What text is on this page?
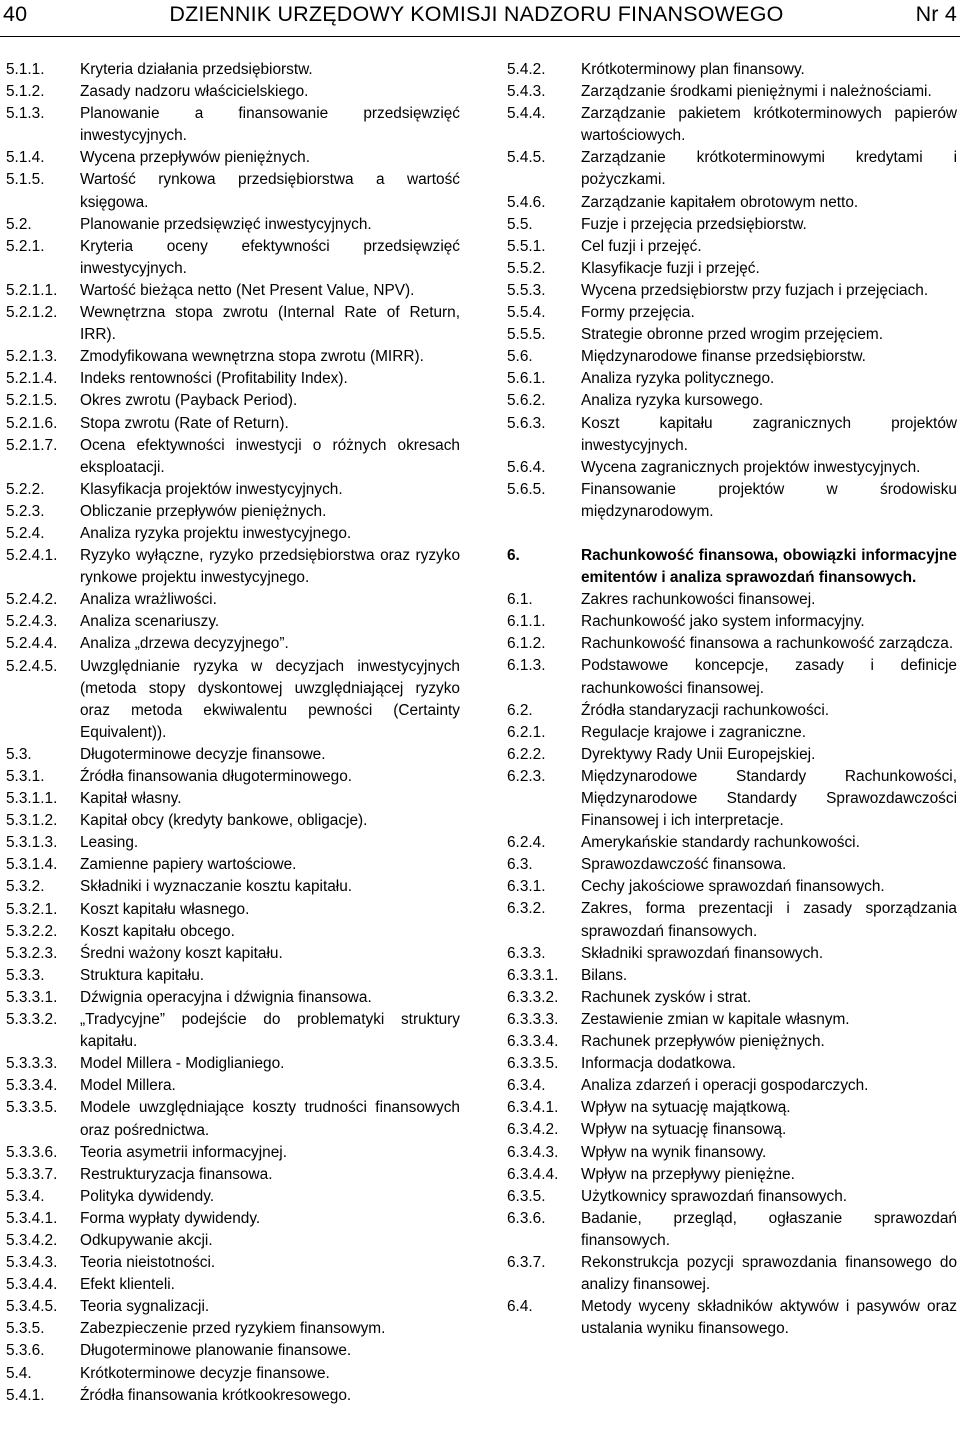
40	DZIENNIK URZĘDOWY KOMISJI NADZORU FINANSOWEGO	Nr 4
5.1.1.	Kryteria działania przedsiębiorstw.
5.1.2.	Zasady nadzoru właścicielskiego.
5.1.3.	Planowanie a finansowanie przedsięwzięć inwestycyjnych.
5.1.4.	Wycena przepływów pieniężnych.
5.1.5.	Wartość rynkowa przedsiębiorstwa a wartość księgowa.
5.2.	Planowanie przedsięwzięć inwestycyjnych.
5.2.1.	Kryteria oceny efektywności przedsięwzięć inwestycyjnych.
5.2.1.1.	Wartość bieżąca netto (Net Present Value, NPV).
5.2.1.2.	Wewnętrzna stopa zwrotu (Internal Rate of Return, IRR).
5.2.1.3.	Zmodyfikowana wewnętrzna stopa zwrotu (MIRR).
5.2.1.4.	Indeks rentowności (Profitability Index).
5.2.1.5.	Okres zwrotu (Payback Period).
5.2.1.6.	Stopa zwrotu (Rate of Return).
5.2.1.7.	Ocena efektywności inwestycji o różnych okresach eksploatacji.
5.2.2.	Klasyfikacja projektów inwestycyjnych.
5.2.3.	Obliczanie przepływów pieniężnych.
5.2.4.	Analiza ryzyka projektu inwestycyjnego.
5.2.4.1.	Ryzyko wyłączne, ryzyko przedsiębiorstwa oraz ryzyko rynkowe projektu inwestycyjnego.
5.2.4.2.	Analiza wrażliwości.
5.2.4.3.	Analiza scenariuszy.
5.2.4.4.	Analiza „drzewa decyzyjnego”.
5.2.4.5.	Uwzględnianie ryzyka w decyzjach inwestycyjnych (metoda stopy dyskontowej uwzględniającej ryzyko oraz metoda ekwiwalentu pewności (Certainty Equivalent)).
5.3.	Długoterminowe decyzje finansowe.
5.3.1.	Źródła finansowania długoterminowego.
5.3.1.1.	Kapitał własny.
5.3.1.2.	Kapitał obcy (kredyty bankowe, obligacje).
5.3.1.3.	Leasing.
5.3.1.4.	Zamienne papiery wartościowe.
5.3.2.	Składniki i wyznaczanie kosztu kapitału.
5.3.2.1.	Koszt kapitału własnego.
5.3.2.2.	Koszt kapitału obcego.
5.3.2.3.	Średni ważony koszt kapitału.
5.3.3.	Struktura kapitału.
5.3.3.1.	Dźwignia operacyjna i dźwignia finansowa.
5.3.3.2.	„Tradycyjne” podejście do problematyki struktury kapitału.
5.3.3.3.	Model Millera - Modiglianiego.
5.3.3.4.	Model Millera.
5.3.3.5.	Modele uwzględniające koszty trudności finansowych oraz pośrednictwa.
5.3.3.6.	Teoria asymetrii informacyjnej.
5.3.3.7.	Restrukturyzacja finansowa.
5.3.4.	Polityka dywidendy.
5.3.4.1.	Forma wypłaty dywidendy.
5.3.4.2.	Odkupywanie akcji.
5.3.4.3.	Teoria nieistotności.
5.3.4.4.	Efekt klienteli.
5.3.4.5.	Teoria sygnalizacji.
5.3.5.	Zabezpieczenie przed ryzykiem finansowym.
5.3.6.	Długoterminowe planowanie finansowe.
5.4.	Krótkoterminowe decyzje finansowe.
5.4.1.	Źródła finansowania krótkookresowego.
5.4.2.	Krótkoterminowy plan finansowy.
5.4.3.	Zarządzanie środkami pieniężnymi i należnościami.
5.4.4.	Zarządzanie pakietem krótkoterminowych papierów wartościowych.
5.4.5.	Zarządzanie krótkoterminowymi kredytami i pożyczkami.
5.4.6.	Zarządzanie kapitałem obrotowym netto.
5.5.	Fuzje i przejęcia przedsiębiorstw.
5.5.1.	Cel fuzji i przejęć.
5.5.2.	Klasyfikacje fuzji i przejęć.
5.5.3.	Wycena przedsiębiorstw przy fuzjach i przejęciach.
5.5.4.	Formy przejęcia.
5.5.5.	Strategie obronne przed wrogim przejęciem.
5.6.	Międzynarodowe finanse przedsiębiorstw.
5.6.1.	Analiza ryzyka politycznego.
5.6.2.	Analiza ryzyka kursowego.
5.6.3.	Koszt kapitału zagranicznych projektów inwestycyjnych.
5.6.4.	Wycena zagranicznych projektów inwestycyjnych.
5.6.5.	Finansowanie projektów w środowisku międzynarodowym.
6.	Rachunkowość finansowa, obowiązki informacyjne emitentów i analiza sprawozdań finansowych.
6.1.	Zakres rachunkowości finansowej.
6.1.1.	Rachunkowość jako system informacyjny.
6.1.2.	Rachunkowość finansowa a rachunkowość zarządcza.
6.1.3.	Podstawowe koncepcje, zasady i definicje rachunkowości finansowej.
6.2.	Źródła standaryzacji rachunkowości.
6.2.1.	Regulacje krajowe i zagraniczne.
6.2.2.	Dyrektywy Rady Unii Europejskiej.
6.2.3.	Międzynarodowe Standardy Rachunkowości, Międzynarodowe Standardy Sprawozdawczości Finansowej i ich interpretacje.
6.2.4.	Amerykańskie standardy rachunkowości.
6.3.	Sprawozdawczość finansowa.
6.3.1.	Cechy jakościowe sprawozdań finansowych.
6.3.2.	Zakres, forma prezentacji i zasady sporządzania sprawozdań finansowych.
6.3.3.	Składniki sprawozdań finansowych.
6.3.3.1.	Bilans.
6.3.3.2.	Rachunek zysków i strat.
6.3.3.3.	Zestawienie zmian w kapitale własnym.
6.3.3.4.	Rachunek przepływów pieniężnych.
6.3.3.5.	Informacja dodatkowa.
6.3.4.	Analiza zdarzeń i operacji gospodarczych.
6.3.4.1.	Wpływ na sytuację majątkową.
6.3.4.2.	Wpływ na sytuację finansową.
6.3.4.3.	Wpływ na wynik finansowy.
6.3.4.4.	Wpływ na przepływy pieniężne.
6.3.5.	Użytkownicy sprawozdań finansowych.
6.3.6.	Badanie, przegląd, ogłaszanie sprawozdań finansowych.
6.3.7.	Rekonstrukcja pozycji sprawozdania finansowego do analizy finansowej.
6.4.	Metody wyceny składników aktywów i pasywów oraz ustalania wyniku finansowego.
